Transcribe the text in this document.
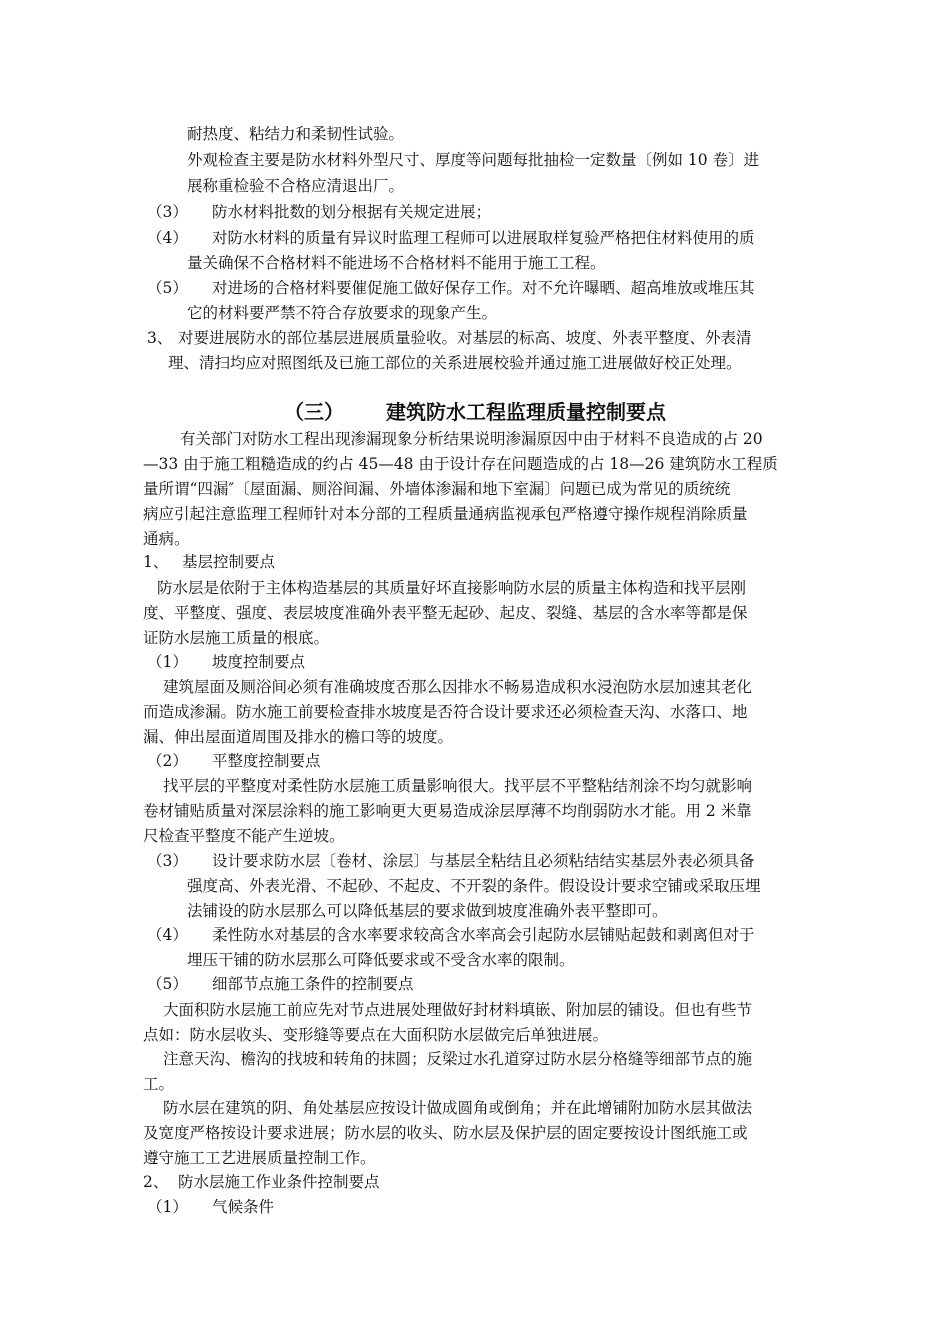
耐热度、粘结力和柔韧性试验。
外观检查主要是防水材料外型尺寸、厚度等问题每批抽检一定数量〔例如 10 卷〕进
展称重检验不合格应清退出厂。
（3） 防水材料批数的划分根据有关规定进展；
（4） 对防水材料的质量有异议时监理工程师可以进展取样复验严格把住材料使用的质
量关确保不合格材料不能进场不合格材料不能用于施工工程。
（5） 对进场的合格材料要催促施工做好保存工作。对不允许曝晒、超高堆放或堆压其
它的材料要严禁不符合存放要求的现象产生。
3、 对要进展防水的部位基层进展质量验收。对基层的标高、坡度、外表平整度、外表清
理、清扫均应对照图纸及已施工部位的关系进展校验并通过施工进展做好校正处理。
（三） 建筑防水工程监理质量控制要点
有关部门对防水工程出现渗漏现象分析结果说明渗漏原因中由于材料不良造成的占 20
—33 由于施工粗糙造成的约占 45—48 由于设计存在问题造成的占 18—26 建筑防水工程质
量所谓“四漏″〔屋面漏、厕浴间漏、外墙体渗漏和地下室漏〕问题已成为常见的质统统
病应引起注意监理工程师针对本分部的工程质量通病监视承包严格遵守操作规程消除质量
通病。
1、 基层控制要点
防水层是依附于主体构造基层的其质量好坏直接影响防水层的质量主体构造和找平层刚
度、平整度、强度、表层坡度准确外表平整无起砂、起皮、裂缝、基层的含水率等都是保
证防水层施工质量的根底。
（1） 坡度控制要点
建筑屋面及厕浴间必须有准确坡度否那么因排水不畅易造成积水浸泡防水层加速其老化
而造成渗漏。防水施工前要检查排水坡度是否符合设计要求还必须检查天沟、水落口、地
漏、伸出屋面道周围及排水的檐口等的坡度。
（2） 平整度控制要点
找平层的平整度对柔性防水层施工质量影响很大。找平层不平整粘结剂涂不均匀就影响
卷材铺贴质量对深层涂料的施工影响更大更易造成涂层厚薄不均削弱防水才能。用 2 米靠
尺检查平整度不能产生逆坡。
（3） 设计要求防水层〔卷材、涂层〕与基层全粘结且必须粘结结实基层外表必须具备
强度高、外表光滑、不起砂、不起皮、不开裂的条件。假设设计要求空铺或采取压埋
法铺设的防水层那么可以降低基层的要求做到坡度准确外表平整即可。
（4） 柔性防水对基层的含水率要求较高含水率高会引起防水层铺贴起鼓和剥离但对于
埋压干铺的防水层那么可降低要求或不受含水率的限制。
（5） 细部节点施工条件的控制要点
大面积防水层施工前应先对节点进展处理做好封材料填嵌、附加层的铺设。但也有些节
点如：防水层收头、变形缝等要点在大面积防水层做完后单独进展。
注意天沟、檐沟的找坡和转角的抹圆；反梁过水孔道穿过防水层分格缝等细部节点的施
工。
防水层在建筑的阴、角处基层应按设计做成圆角或倒角；并在此增铺附加防水层其做法
及宽度严格按设计要求进展；防水层的收头、防水层及保护层的固定要按设计图纸施工或
遵守施工工艺进展质量控制工作。
2、 防水层施工作业条件控制要点
（1） 气候条件
